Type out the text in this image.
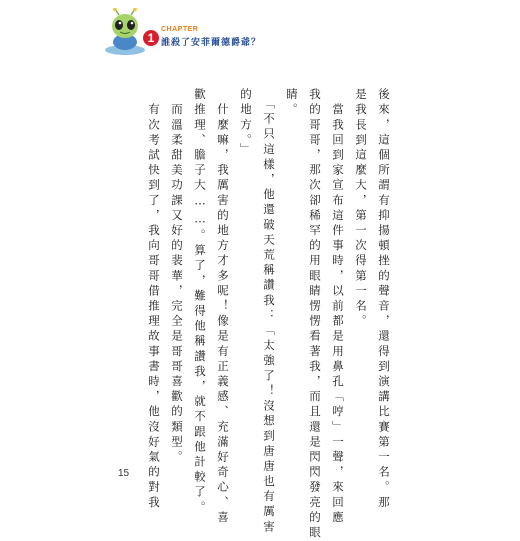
1
CHAPTER
誰殺了安菲爾德爵爺？
後來，這個所謂有抑揚頓挫的聲音，還得到演講比賽第一名。那
是我長到這麼大，第一次得第一名。
　當我回到家宣布這件事時，以前都是用鼻孔「哼」一聲，來回應
我的哥哥，那次卻稀罕的用眼睛愣愣看著我，而且還是閃閃發亮的眼
睛。
　「不只這樣，他還破天荒稱讚我：「太強了！沒想到唐唐也有厲害
的地方。」
　什麼嘛，我厲害的地方才多呢！像是有正義感、充滿好奇心、喜
歡推理、膽子大……。算了，難得他稱讚我，就不跟他計較了。
　而溫柔甜美功課又好的裴華，完全是哥哥喜歡的類型。
　有次考試快到了，我向哥哥借推理故事書時，他沒好氣的對我
15
